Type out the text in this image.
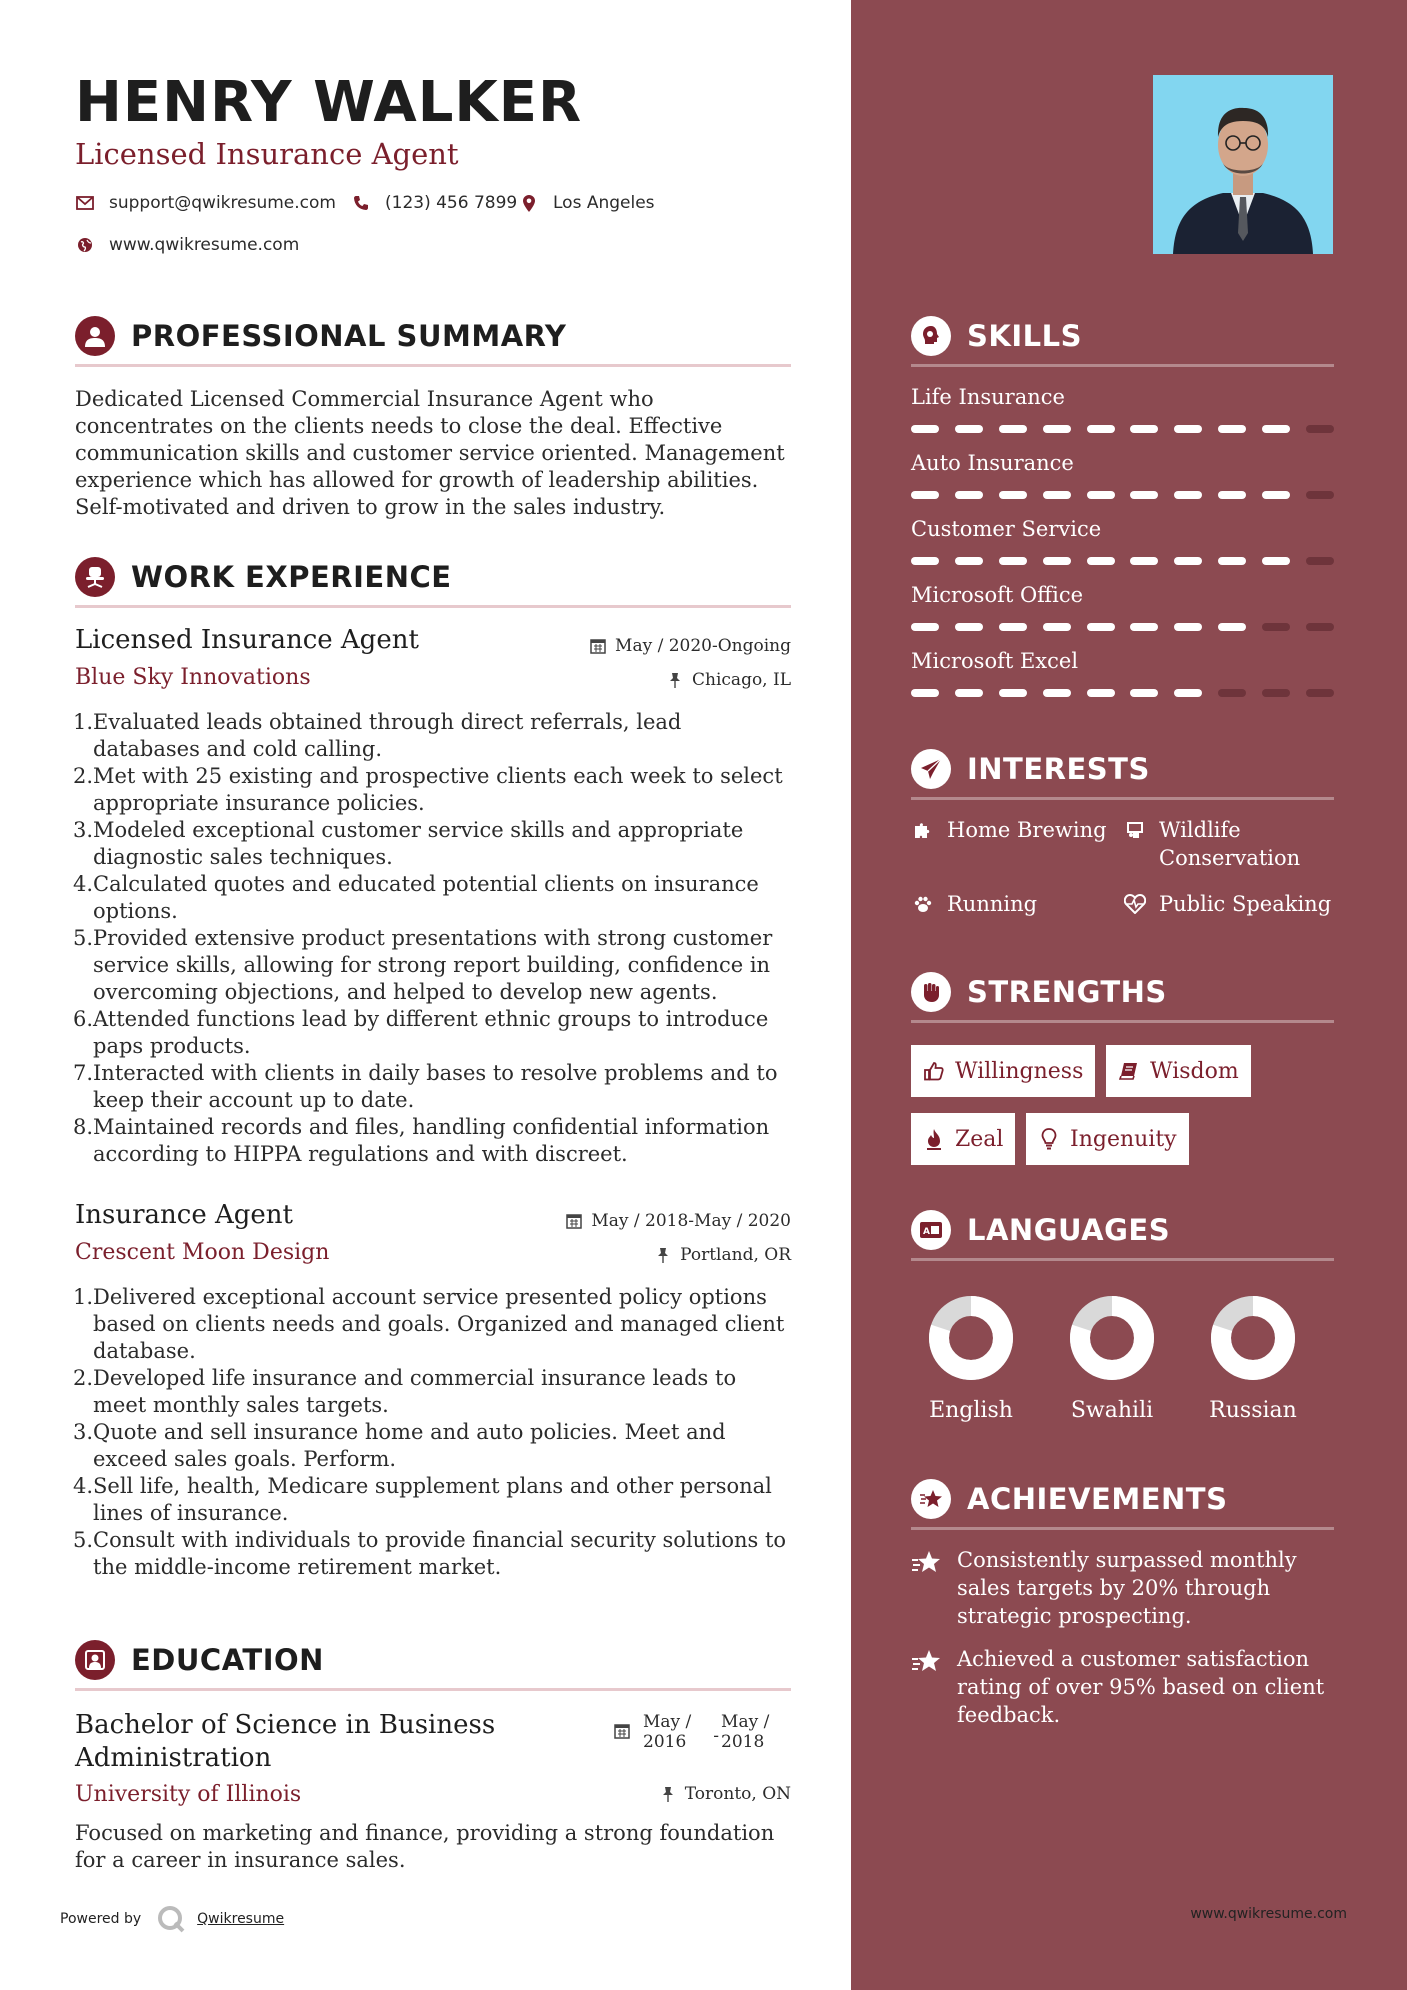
HENRY WALKER
Licensed Insurance Agent
support@qwikresume.com	(123) 456 7899 Los Angeles
www.qwikresume.com
PROFESSIONAL SUMMARY
Dedicated Licensed Commercial Insurance Agent who concentrates on the clients needs to close the deal. Effective communication skills and customer service oriented. Management experience which has allowed for growth of leadership abilities. Self-motivated and driven to grow in the sales industry.
WORK EXPERIENCE
Licensed Insurance Agent	May / 2020-Ongoing
Blue Sky Innovations	Chicago, IL
1. Evaluated leads obtained through direct referrals, lead databases and cold calling.
2. Met with 25 existing and prospective clients each week to select appropriate insurance policies.
3. Modeled exceptional customer service skills and appropriate diagnostic sales techniques.
4. Calculated quotes and educated potential clients on insurance options.
5. Provided extensive product presentations with strong customer service skills, allowing for strong report building, confidence in overcoming objections, and helped to develop new agents.
6. Attended functions lead by different ethnic groups to introduce paps products.
7. Interacted with clients in daily bases to resolve problems and to keep their account up to date.
8. Maintained records and files, handling confidential information according to HIPPA regulations and with discreet.
Insurance Agent	May / 2018-May / 2020
Crescent Moon Design	Portland, OR
1. Delivered exceptional account service presented policy options based on clients needs and goals. Organized and managed client database.
2. Developed life insurance and commercial insurance leads to meet monthly sales targets.
3. Quote and sell insurance home and auto policies. Meet and exceed sales goals. Perform.
4. Sell life, health, Medicare supplement plans and other personal lines of insurance.
5. Consult with individuals to provide financial security solutions to the middle-income retirement market.
EDUCATION
Bachelor of Science in Business
Administration
May /
2016 -
May /
2018
University of Illinois	Toronto, ON
Focused on marketing and finance, providing a strong foundation for a career in insurance sales.
Powered by	Qwikresume
SKILLS
Life Insurance
Auto Insurance
Customer Service
Microsoft Office
Microsoft Excel
INTERESTS
Home Brewing Wildlife
Conservation
Running	Public Speaking
STRENGTHS
Willingness	Wisdom
Zeal	Ingenuity
A LANGUAGES
English	Swahili	Russian
ACHIEVEMENTS
Consistently surpassed monthly sales targets by 20% through strategic prospecting.
Achieved a customer satisfaction rating of over 95% based on client feedback.
www.qwikresume.com
